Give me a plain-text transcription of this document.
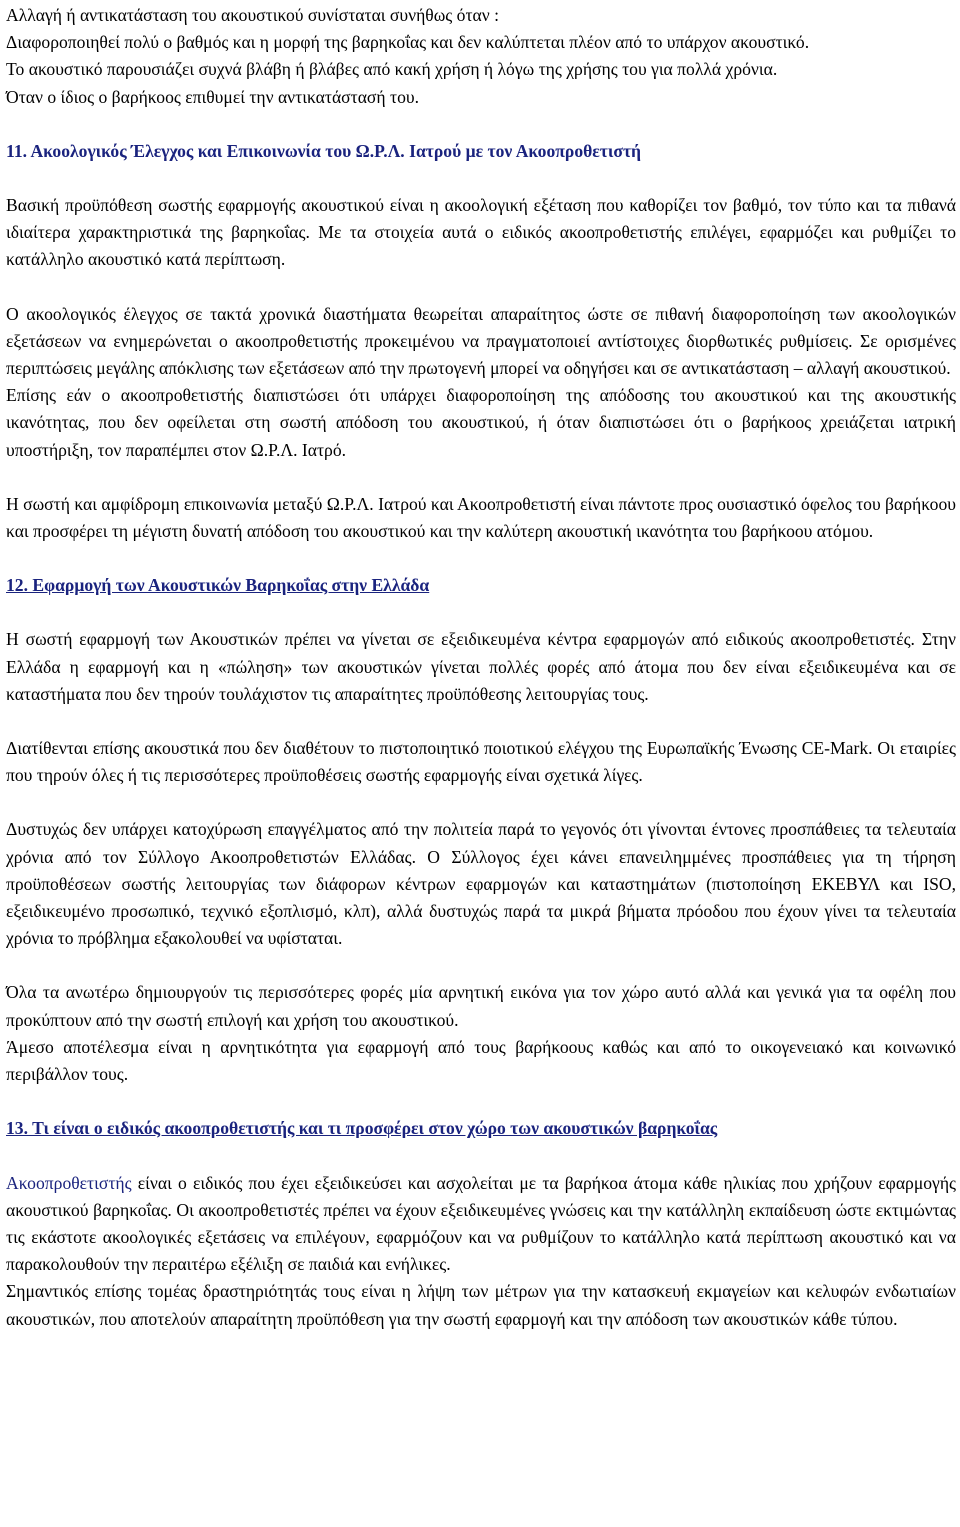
Αλλαγή ή αντικατάσταση του ακουστικού συνίσταται συνήθως όταν :

Διαφοροποιηθεί πολύ ο βαθμός και η μορφή της βαρηκοΐας και δεν καλύπτεται πλέον από το υπάρχον ακουστικό.

Το ακουστικό παρουσιάζει συχνά βλάβη ή βλάβες από κακή χρήση ή λόγω της χρήσης του για πολλά χρόνια.

Όταν ο ίδιος ο βαρήκοος επιθυμεί την αντικατάστασή του.

11. Ακοολογικός Έλεγχος και Επικοινωνία του Ω.Ρ.Λ. Ιατρού με τον Ακοοπροθετιστή

Βασική προϋπόθεση σωστής εφαρμογής ακουστικού είναι η ακοολογική εξέταση που καθορίζει τον βαθμό, τον τύπο και τα πιθανά ιδιαίτερα χαρακτηριστικά της βαρηκοΐας. Με τα στοιχεία αυτά ο ειδικός ακοοπροθετιστής επιλέγει, εφαρμόζει και ρυθμίζει το κατάλληλο ακουστικό κατά περίπτωση.

Ο ακοολογικός έλεγχος σε τακτά χρονικά διαστήματα θεωρείται απαραίτητος ώστε σε πιθανή διαφοροποίηση των ακοολογικών εξετάσεων να ενημερώνεται ο ακοοπροθετιστής προκειμένου να πραγματοποιεί αντίστοιχες διορθωτικές ρυθμίσεις. Σε ορισμένες περιπτώσεις μεγάλης απόκλισης των εξετάσεων από την πρωτογενή μπορεί να οδηγήσει και σε αντικατάσταση – αλλαγή ακουστικού.

Επίσης εάν ο ακοοπροθετιστής διαπιστώσει ότι υπάρχει διαφοροποίηση της απόδοσης του ακουστικού και της ακουστικής ικανότητας, που δεν οφείλεται στη σωστή απόδοση του ακουστικού, ή όταν διαπιστώσει ότι ο βαρήκοος χρειάζεται ιατρική υποστήριξη, τον παραπέμπει στον Ω.Ρ.Λ. Ιατρό.

Η σωστή και αμφίδρομη επικοινωνία μεταξύ Ω.Ρ.Λ. Ιατρού και Ακοοπροθετιστή είναι πάντοτε προς ουσιαστικό όφελος του βαρήκοου και προσφέρει τη μέγιστη δυνατή απόδοση του ακουστικού και την καλύτερη ακουστική ικανότητα του βαρήκοου ατόμου.

12. Εφαρμογή των Ακουστικών Βαρηκοΐας στην Ελλάδα

Η σωστή εφαρμογή των Ακουστικών πρέπει να γίνεται σε εξειδικευμένα κέντρα εφαρμογών από ειδικούς ακοοπροθετιστές. Στην Ελλάδα η εφαρμογή και η «πώληση» των ακουστικών γίνεται πολλές φορές από άτομα που δεν είναι εξειδικευμένα και σε καταστήματα που δεν τηρούν τουλάχιστον τις απαραίτητες προϋπόθεσης λειτουργίας τους.

Διατίθενται επίσης ακουστικά που δεν διαθέτουν το πιστοποιητικό ποιοτικού ελέγχου της Ευρωπαϊκής Ένωσης CE-Mark. Οι εταιρίες που τηρούν όλες ή τις περισσότερες προϋποθέσεις σωστής εφαρμογής είναι σχετικά λίγες.

Δυστυχώς δεν υπάρχει κατοχύρωση επαγγέλματος από την πολιτεία παρά το γεγονός ότι γίνονται έντονες προσπάθειες τα τελευταία χρόνια από τον Σύλλογο Ακοοπροθετιστών Ελλάδας. Ο Σύλλογος έχει κάνει επανειλημμένες προσπάθειες για τη τήρηση προϋποθέσεων σωστής λειτουργίας των διάφορων κέντρων εφαρμογών και καταστημάτων (πιστοποίηση ΕΚΕΒΥΛ και ISO, εξειδικευμένο προσωπικό, τεχνικό εξοπλισμό, κλπ), αλλά δυστυχώς παρά τα μικρά βήματα πρόοδου που έχουν γίνει τα τελευταία χρόνια το πρόβλημα εξακολουθεί να υφίσταται.

Όλα τα ανωτέρω δημιουργούν τις περισσότερες φορές μία αρνητική εικόνα για τον χώρο αυτό αλλά και γενικά για τα οφέλη που προκύπτουν από την σωστή επιλογή και χρήση του ακουστικού.

Άμεσο αποτέλεσμα είναι η αρνητικότητα για εφαρμογή από τους βαρήκοους καθώς και από το οικογενειακό και κοινωνικό περιβάλλον τους.

13. Τι είναι ο ειδικός ακοοπροθετιστής και τι προσφέρει στον χώρο των ακουστικών βαρηκοΐας

Ακοοπροθετιστής είναι ο ειδικός που έχει εξειδικεύσει και ασχολείται με τα βαρήκοα άτομα κάθε ηλικίας που χρήζουν εφαρμογής ακουστικού βαρηκοΐας. Οι ακοοπροθετιστές πρέπει να έχουν εξειδικευμένες γνώσεις και την κατάλληλη εκπαίδευση ώστε εκτιμώντας τις εκάστοτε ακοολογικές εξετάσεις να επιλέγουν, εφαρμόζουν και να ρυθμίζουν το κατάλληλο κατά περίπτωση ακουστικό και να παρακολουθούν την περαιτέρω εξέλιξη σε παιδιά και ενήλικες.

Σημαντικός επίσης τομέας δραστηριότητάς τους είναι η λήψη των μέτρων για την κατασκευή εκμαγείων και κελυφών ενδωτιαίων ακουστικών, που αποτελούν απαραίτητη προϋπόθεση για την σωστή εφαρμογή και την απόδοση των ακουστικών κάθε τύπου.
